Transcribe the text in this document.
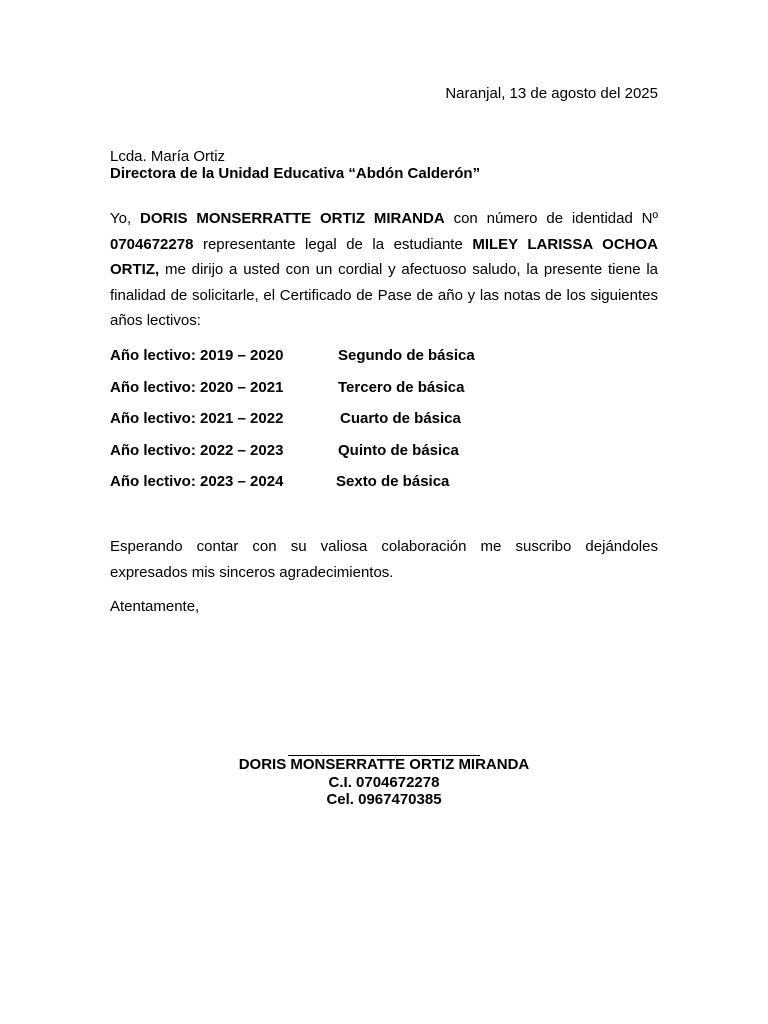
Naranjal, 13 de agosto del 2025
Lcda. María Ortiz
Directora de la Unidad Educativa “Abdón Calderón”
Yo, DORIS MONSERRATTE ORTIZ MIRANDA con número de identidad Nº 0704672278 representante legal de la estudiante MILEY LARISSA OCHOA ORTIZ, me dirijo a usted con un cordial y afectuoso saludo, la presente tiene la finalidad de solicitarle, el Certificado de Pase de año y las notas de los siguientes años lectivos:
Año lectivo: 2019 – 2020	Segundo de básica
Año lectivo: 2020 – 2021	Tercero de básica
Año lectivo: 2021 – 2022	Cuarto de básica
Año lectivo: 2022 – 2023	Quinto de básica
Año lectivo: 2023 – 2024	Sexto de básica
Esperando contar con su valiosa colaboración me suscribo dejándoles expresados mis sinceros agradecimientos.
Atentamente,
DORIS MONSERRATTE ORTIZ MIRANDA
C.I. 0704672278
Cel. 0967470385
